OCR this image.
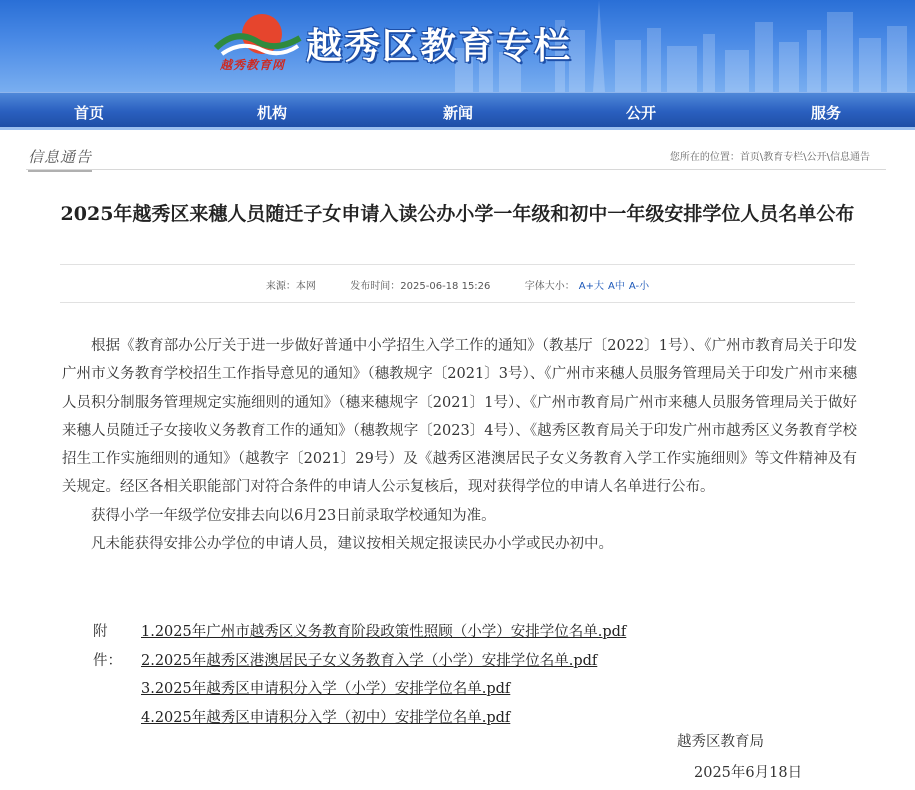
越秀教育网 越秀区教育专栏
首页	机构	新闻	公开	服务
信息通告	您所在的位置：首页\教育专栏\公开\信息通告
2025年越秀区来穗人员随迁子女申请入读公办小学一年级和初中一年级安排学位人员名单公布
来源：本网	发布时间：2025-06-18 15:26	字体大小： A+大 A中 A-小

根据《教育部办公厅关于进一步做好普通中小学招生入学工作的通知》（教基厅〔2022〕1号）、《广州市教育局关于印发广州市义务教育学校招生工作指导意见的通知》（穗教规字〔2021〕3号）、《广州市来穗人员服务管理局关于印发广州市来穗人员积分制服务管理规定实施细则的通知》（穗来穗规字〔2021〕1号）、《广州市教育局广州市来穗人员服务管理局关于做好来穗人员随迁子女接收义务教育工作的通知》（穗教规字〔2023〕4号）、《越秀区教育局关于印发广州市越秀区义务教育学校招生工作实施细则的通知》（越教字〔2021〕29号）及《越秀区港澳居民子女义务教育入学工作实施细则》等文件精神及有关规定。经区各相关职能部门对符合条件的申请人公示复核后，现对获得学位的申请人名单进行公布。

获得小学一年级学位安排去向以6月23日前录取学校通知为准。

凡未能获得安排公办学位的申请人员，建议按相关规定报读民办小学或民办初中。

附件：
1.2025年广州市越秀区义务教育阶段政策性照顾（小学）安排学位名单.pdf
2.2025年越秀区港澳居民子女义务教育入学（小学）安排学位名单.pdf
3.2025年越秀区申请积分入学（小学）安排学位名单.pdf
4.2025年越秀区申请积分入学（初中）安排学位名单.pdf
越秀区教育局
2025年6月18日
